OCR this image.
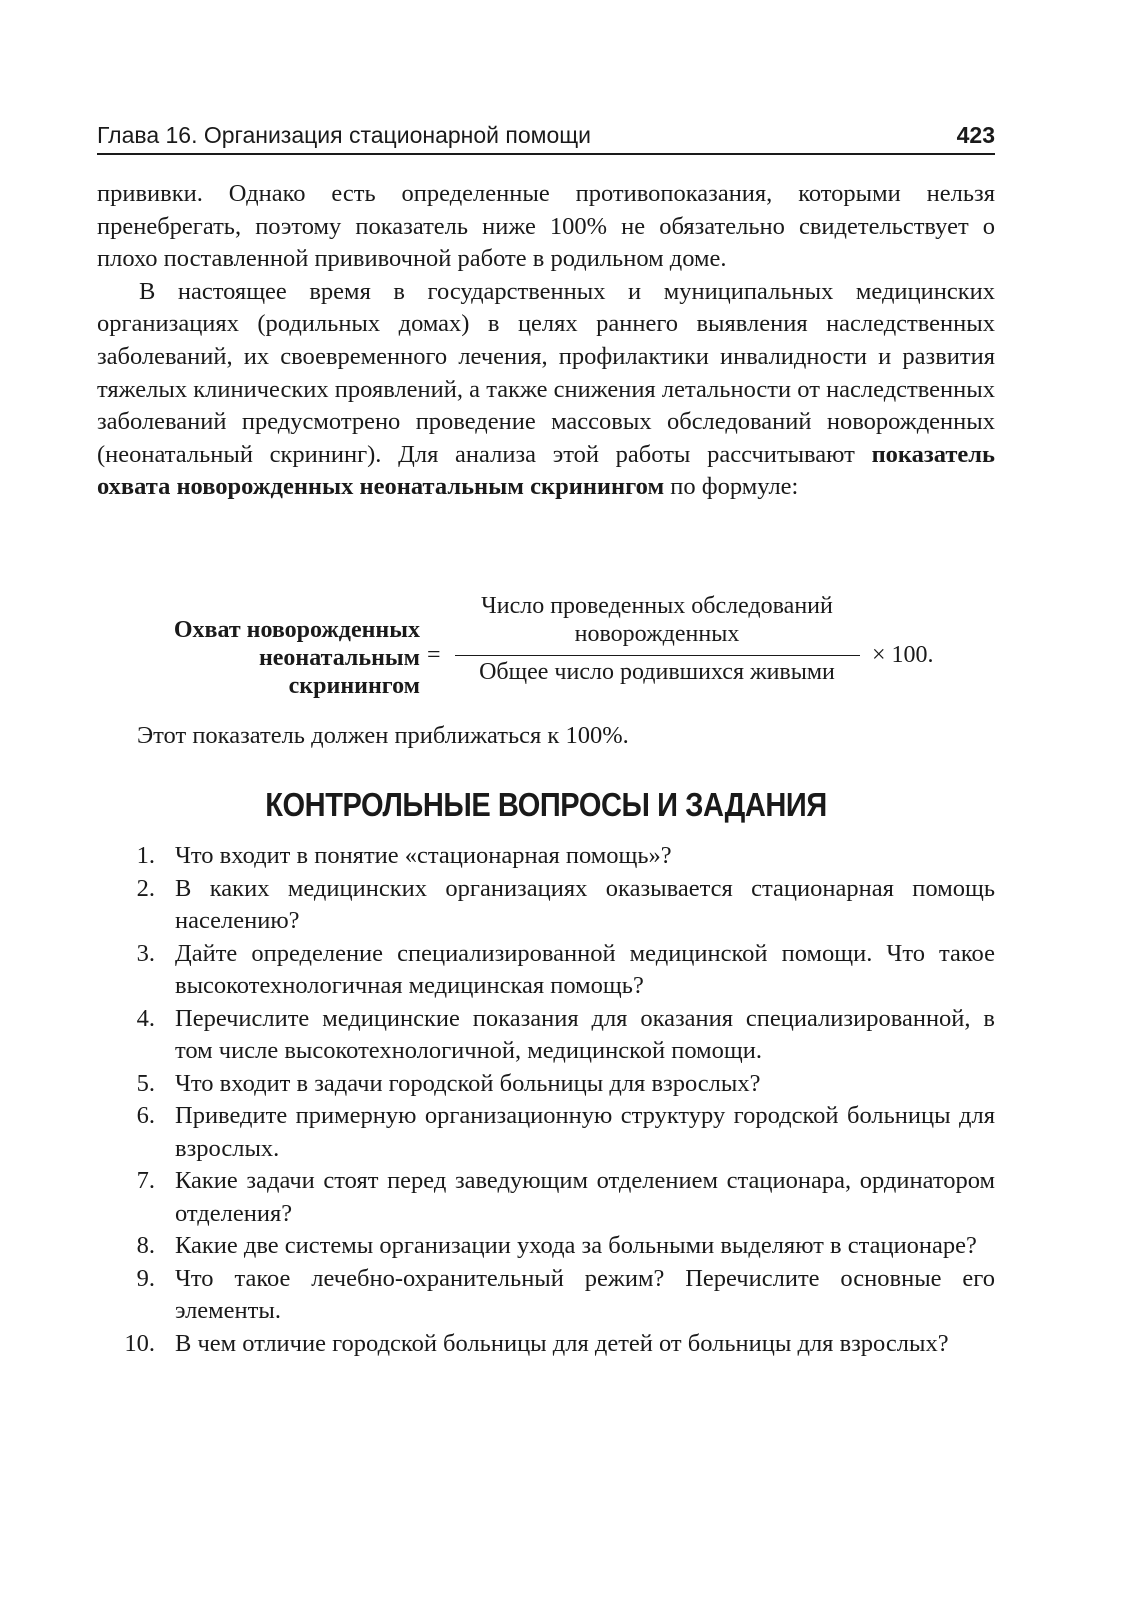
Глава 16. Организация стационарной помощи	423

прививки. Однако есть определенные противопоказания, которыми нельзя пренебрегать, поэтому показатель ниже 100% не обязательно свидетельствует о плохо поставленной прививочной работе в родильном доме.

В настоящее время в государственных и муниципальных медицинских организациях (родильных домах) в целях раннего выявления наследственных заболеваний, их своевременного лечения, профилактики инвалидности и развития тяжелых клинических проявлений, а также снижения летальности от наследственных заболеваний предусмотрено проведение массовых обследований новорожденных (неонатальный скрининг). Для анализа этой работы рассчитывают показатель охвата новорожденных неонатальным скринингом по формуле:

Охват новорожденных
неонатальным
скринингом
=
Число проведенных обследований
новорожденных
Общее число родившихся живыми
× 100.
Этот показатель должен приближаться к 100%.
КОНТРОЛЬНЫЕ ВОПРОСЫ И ЗАДАНИЯ
1. Что входит в понятие «стационарная помощь»?
2. В каких медицинских организациях оказывается стационарная помощь населению?
3. Дайте определение специализированной медицинской помощи. Что такое высокотехнологичная медицинская помощь?
4. Перечислите медицинские показания для оказания специализированной, в том числе высокотехнологичной, медицинской помощи.
5. Что входит в задачи городской больницы для взрослых?
6. Приведите примерную организационную структуру городской больницы для взрослых.
7. Какие задачи стоят перед заведующим отделением стационара, ординатором отделения?
8. Какие две системы организации ухода за больными выделяют в стационаре?
9. Что такое лечебно-охранительный режим? Перечислите основные его элементы.
10. В чем отличие городской больницы для детей от больницы для взрослых?
